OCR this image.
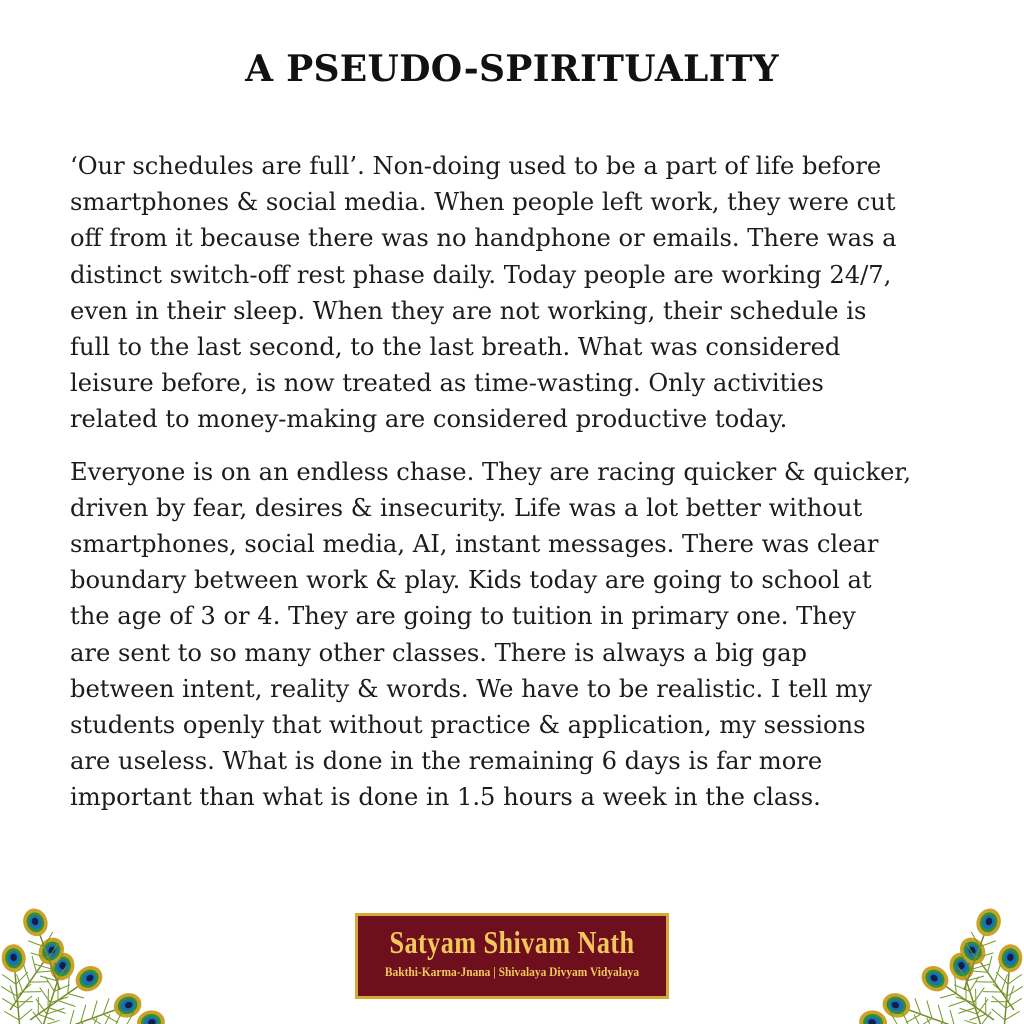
A PSEUDO-SPIRITUALITY

‘Our schedules are full’. Non-doing used to be a part of life before
smartphones & social media. When people left work, they were cut
off from it because there was no handphone or emails. There was a
distinct switch-off rest phase daily. Today people are working 24/7,
even in their sleep. When they are not working, their schedule is
full to the last second, to the last breath. What was considered
leisure before, is now treated as time-wasting. Only activities
related to money-making are considered productive today.

Everyone is on an endless chase. They are racing quicker & quicker,
driven by fear, desires & insecurity. Life was a lot better without
smartphones, social media, AI, instant messages. There was clear
boundary between work & play. Kids today are going to school at
the age of 3 or 4. They are going to tuition in primary one. They
are sent to so many other classes. There is always a big gap
between intent, reality & words. We have to be realistic. I tell my
students openly that without practice & application, my sessions
are useless. What is done in the remaining 6 days is far more
important than what is done in 1.5 hours a week in the class.

Satyam Shivam Nath
Bakthi-Karma-Jnana | Shivalaya Divyam Vidyalaya
